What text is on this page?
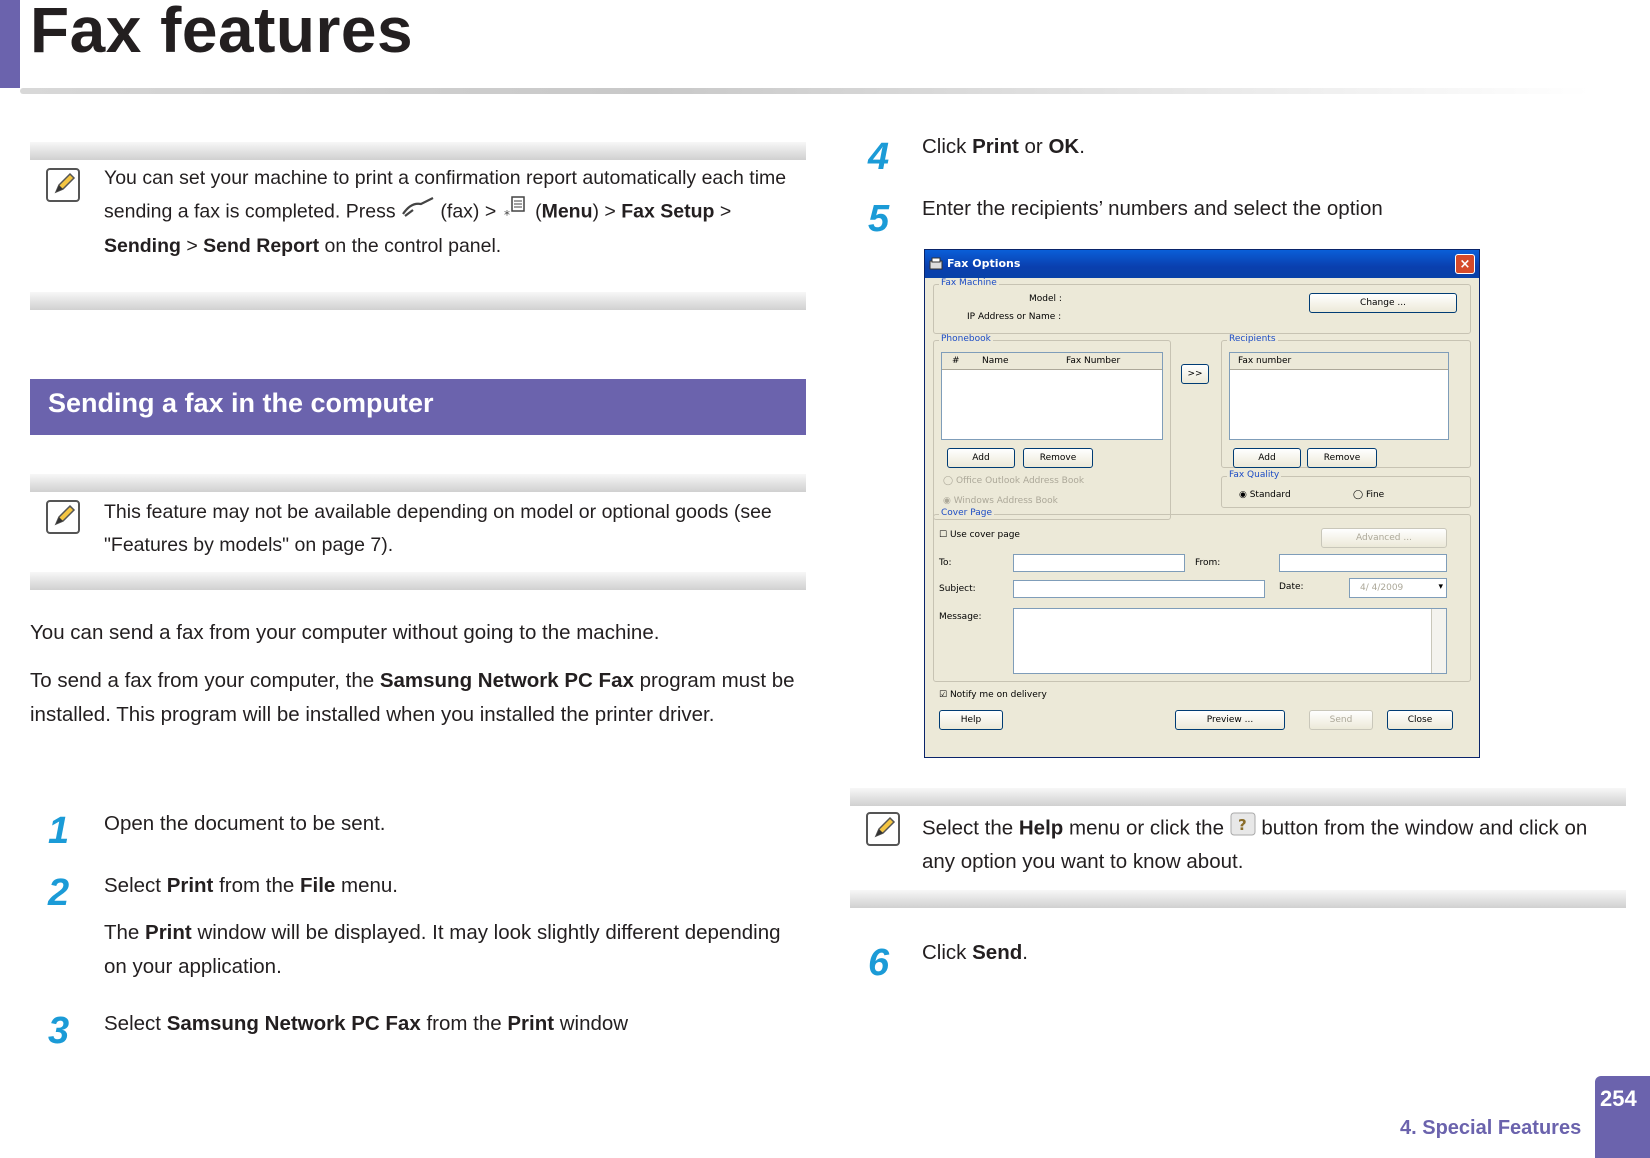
Fax features
You can set your machine to print a confirmation report automatically each time sending a fax is completed. Press (fax) > * (Menu) > Fax Setup > Sending > Send Report on the control panel.
Sending a fax in the computer
This feature may not be available depending on model or optional goods (see "Features by models" on page 7).
You can send a fax from your computer without going to the machine.
To send a fax from your computer, the Samsung Network PC Fax program must be installed. This program will be installed when you installed the printer driver.
1 Open the document to be sent.
2 Select Print from the File menu.
The Print window will be displayed. It may look slightly different depending on your application.
3 Select Samsung Network PC Fax from the Print window
4 Click Print or OK.
5 Enter the recipients’ numbers and select the option
Fax Options	×
Fax Machine
Model :
IP Address or Name :
Change ...
Phonebook
# Name	Fax Number
Add	Remove
◯ Office Outlook Address Book
◉ Windows Address Book
>>
Recipients
Fax number
Add	Remove
Fax Quality
◉ Standard	◯ Fine
Cover Page
☐ Use cover page	Advanced ...
To:	From:
Subject:	Date:	4/ 4/2009	▾
Message:
☑ Notify me on delivery
Help	Preview ...	Send	Close
Select the Help menu or click the ? button from the window and click on any option you want to know about.
6 Click Send.
4. Special Features
254
